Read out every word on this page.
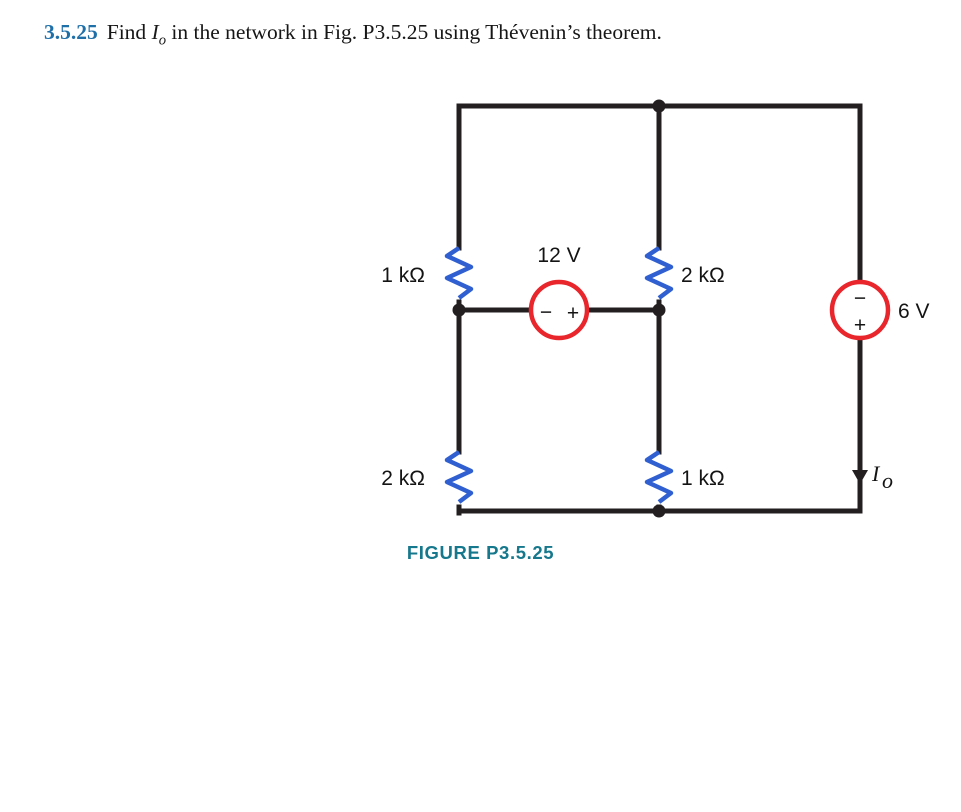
3.5.25 Find $I_o$ in the network in Fig. P3.5.25 using Thévenin’s theorem.
1 kΩ	2 kΩ
2 kΩ	1 kΩ
− +
12 V
−
+
6 V
I o
FIGURE P3.5.25
